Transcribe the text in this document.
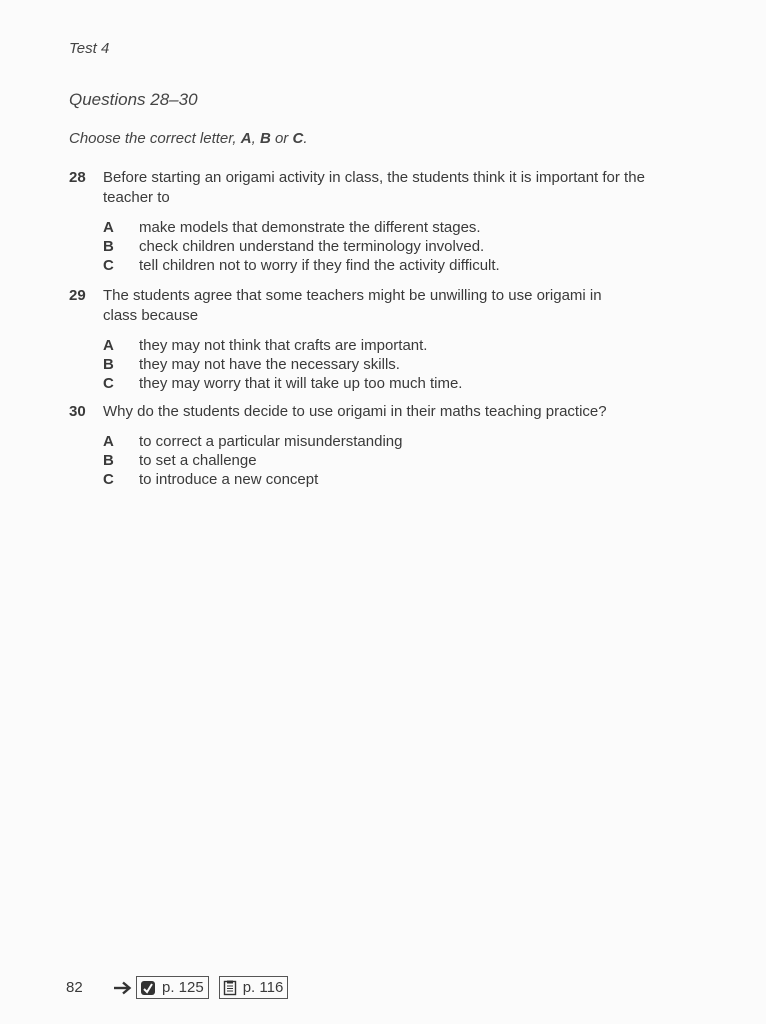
Test 4
Questions 28–30
Choose the correct letter, A, B or C.
28 Before starting an origami activity in class, the students think it is important for the
teacher to
A	make models that demonstrate the different stages.
B	check children understand the terminology involved.
C	tell children not to worry if they find the activity difficult.
29 The students agree that some teachers might be unwilling to use origami in
class because
A	they may not think that crafts are important.
B	they may not have the necessary skills.
C	they may worry that it will take up too much time.
30 Why do the students decide to use origami in their maths teaching practice?
A	to correct a particular misunderstanding
B	to set a challenge
C	to introduce a new concept
82	p. 125	p. 116
